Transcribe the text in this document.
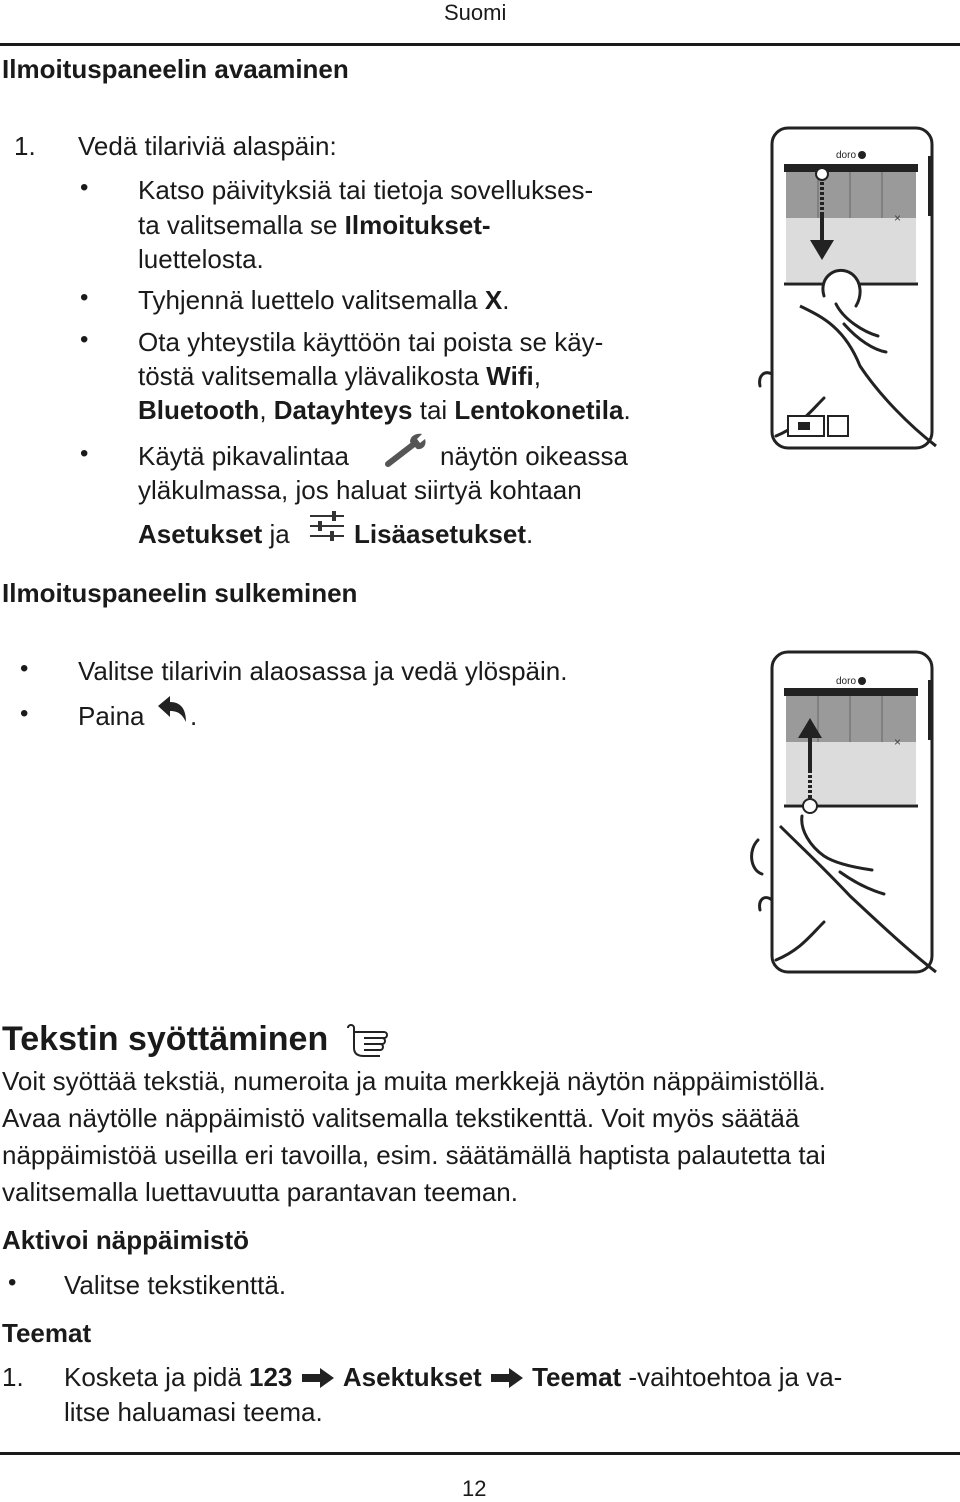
Suomi
Ilmoituspaneelin avaaminen
1. Vedä tilariviä alaspäin:
• Katso päivityksiä tai tietoja sovellukses-
ta valitsemalla se Ilmoitukset-
luettelosta.
• Tyhjennä luettelo valitsemalla X.
• Ota yhteystila käyttöön tai poista se käy-
töstä valitsemalla ylävalikosta Wifi,
Bluetooth, Datayhteys tai Lentokonetila.
• Käytä pikavalintaa	näytön oikeassa
yläkulmassa, jos haluat siirtyä kohtaan
Asetukset ja Lisäasetukset.
doro
×
Ilmoituspaneelin sulkeminen
• Valitse tilarivin alaosassa ja vedä ylöspäin.
• Paina .
doro
×
Tekstin syöttäminen
Voit syöttää tekstiä, numeroita ja muita merkkejä näytön näppäimistöllä.
Avaa näytölle näppäimistö valitsemalla tekstikenttä. Voit myös säätää
näppäimistöä useilla eri tavoilla, esim. säätämällä haptista palautetta tai
valitsemalla luettavuutta parantavan teeman.
Aktivoi näppäimistö
• Valitse tekstikenttä.
Teemat
1. Kosketa ja pidä 123 Asektukset Teemat -vaihtoehtoa ja va-
litse haluamasi teema.
12
